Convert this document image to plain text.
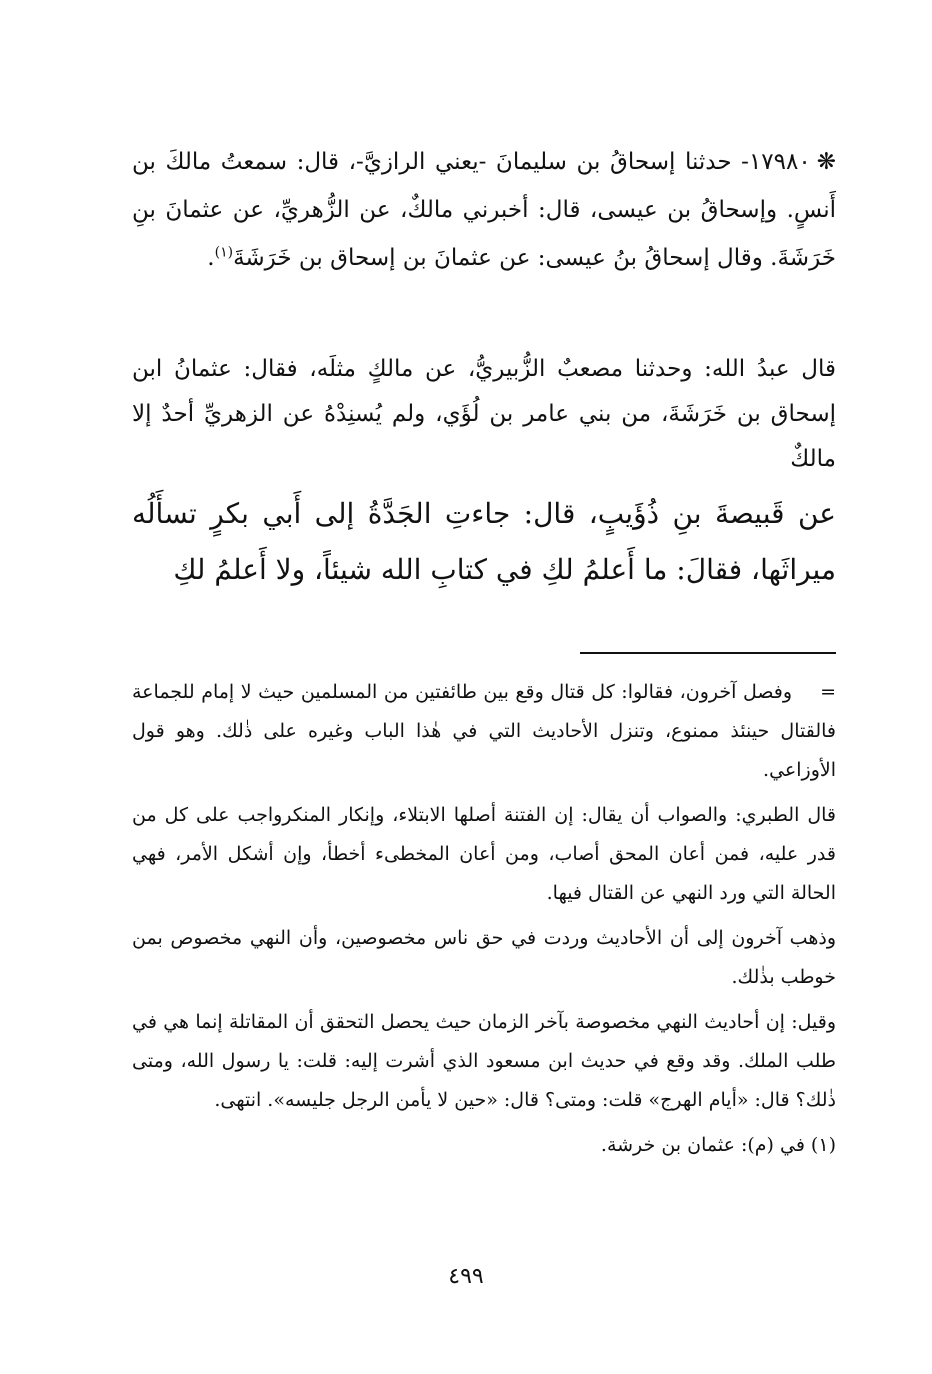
❋١٧٩٨٠- حدثنا إسحاقُ بن سليمانَ -يعني الرازيَّ-، قال: سمعتُ مالكَ بن أَنسٍ. وإسحاقُ بن عيسى، قال: أخبرني مالكٌ، عن الزُّهريِّ، عن عثمانَ بنِ خَرَشَةَ. وقال إسحاقُ بنُ عيسى: عن عثمانَ بن إسحاق بن خَرَشَةَ$^{(١)}$.
قال عبدُ الله: وحدثنا مصعبٌ الزُّبيريُّ، عن مالكٍ مثلَه، فقال: عثمانُ ابن إسحاق بن خَرَشَةَ، من بني عامر بن لُؤَي، ولم يُسنِدْهُ عن الزهريِّ أحدٌ إلا مالكٌ
عن قَبيصةَ بنِ ذُؤَيبٍ، قال: جاءتِ الجَدَّةُ إلى أَبي بكرٍ تسأَلُه ميراثَها، فقالَ: ما أَعلمُ لكِ في كتابِ الله شيئاً، ولا أَعلمُ لكِ

=وفصل آخرون، فقالوا: كل قتال وقع بين طائفتين من المسلمين حيث لا إمام للجماعة فالقتال حينئذ ممنوع، وتنزل الأحاديث التي في هٰذا الباب وغيره على ذٰلك. وهو قول الأوزاعي.

قال الطبري: والصواب أن يقال: إن الفتنة أصلها الابتلاء، وإنكار المنكرواجب على كل من قدر عليه، فمن أعان المحق أصاب، ومن أعان المخطىء أخطأ، وإن أشكل الأمر، فهي الحالة التي ورد النهي عن القتال فيها.

وذهب آخرون إلى أن الأحاديث وردت في حق ناس مخصوصين، وأن النهي مخصوص بمن خوطب بذٰلك.

وقيل: إن أحاديث النهي مخصوصة بآخر الزمان حيث يحصل التحقق أن المقاتلة إنما هي في طلب الملك. وقد وقع في حديث ابن مسعود الذي أشرت إليه: قلت: يا رسول الله، ومتى ذٰلك؟ قال: «أيام الهرج» قلت: ومتى؟ قال: «حين لا يأمن الرجل جليسه». انتهى.

(١) في (م): عثمان بن خرشة.

٤٩٩
